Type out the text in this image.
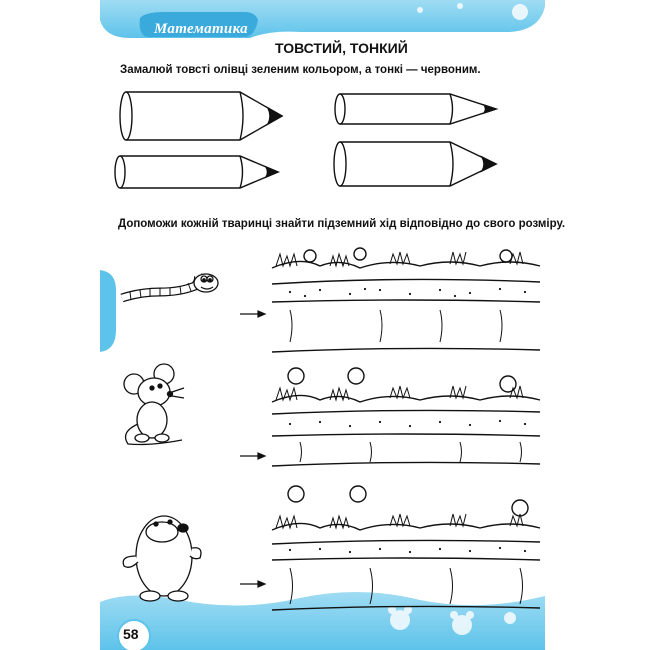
Математика
ТОВСТИЙ, ТОНКИЙ
Замалюй товсті олівці зеленим кольором, а тонкі — червоним.
Допоможи кожній тваринці знайти підземний хід відповідно до свого розміру.
58
